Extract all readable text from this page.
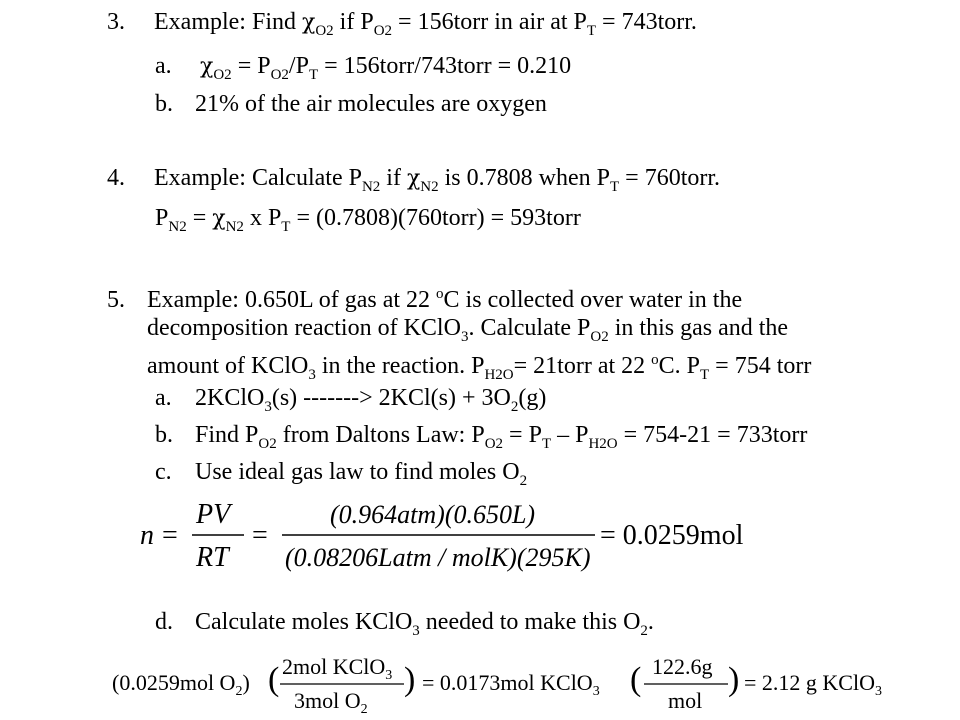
3. Example: Find $\chi_{O2}$ if $P_{O2}$ = 156torr in air at $P_T$ = 743torr.
a. $\chi_{O2} = P_{O2}/P_T$ = 156torr/743torr = 0.210
b. 21% of the air molecules are oxygen
4. Example: Calculate $P_{N2}$ if $\chi_{N2}$ is 0.7808 when $P_T$ = 760torr.
$P_{N2} = \chi_{N2}$ x $P_T$ = (0.7808)(760torr) = 593torr
5. Example: 0.650L of gas at 22 $^o$C is collected over water in the
decomposition reaction of KClO$_3$. Calculate $P_{O2}$ in this gas and the
amount of KClO$_3$ in the reaction. $P_{H2O}=$ 21torr at 22 $^o$C. $P_T = 754$ torr
a. 2KClO$_3$(s) -------> $2KCl(s) + 3O_2(g)$
b. Find $P_{O2}$ from Daltons Law: $P_{O2} = P_T - P_{H2O} = 754-21$ = 733torr
c. Use ideal gas law to find moles $O_2$
n =
PV
RT
=
(0.964atm)(0.650L)
(0.08206Latm / molK)(295K)
= 0.0259mol
d. Calculate moles KClO$_3$ needed to make this $O_2$.
(0.0259mol $O_2$) ( 2mol KClO$_3$
3mol $O_2$
) = 0.0173mol KClO$_3$ ( 122.6g
mol
) = 2.12 g KClO$_3$
